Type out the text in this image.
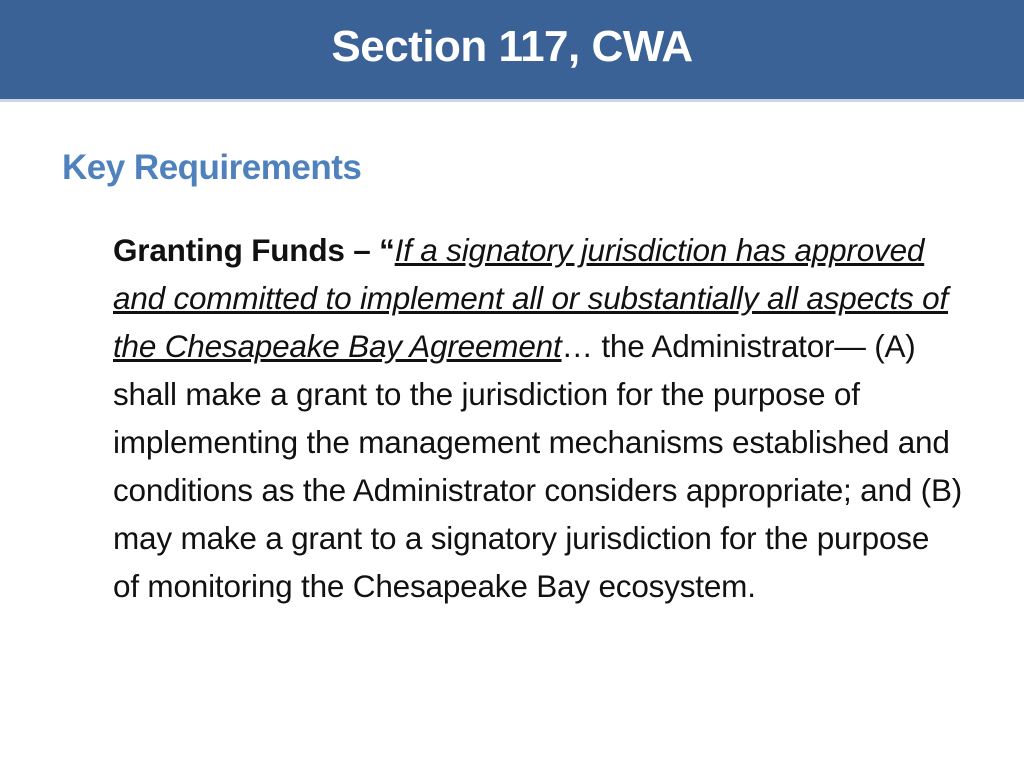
Section 117, CWA
Key Requirements
Granting Funds – “If a signatory jurisdiction has approved and committed to implement all or substantially all aspects of the Chesapeake Bay Agreement… the Administrator— (A) shall make a grant to the jurisdiction for the purpose of implementing the management mechanisms established and conditions as the Administrator considers appropriate; and (B) may make a grant to a signatory jurisdiction for the purpose of monitoring the Chesapeake Bay ecosystem.
